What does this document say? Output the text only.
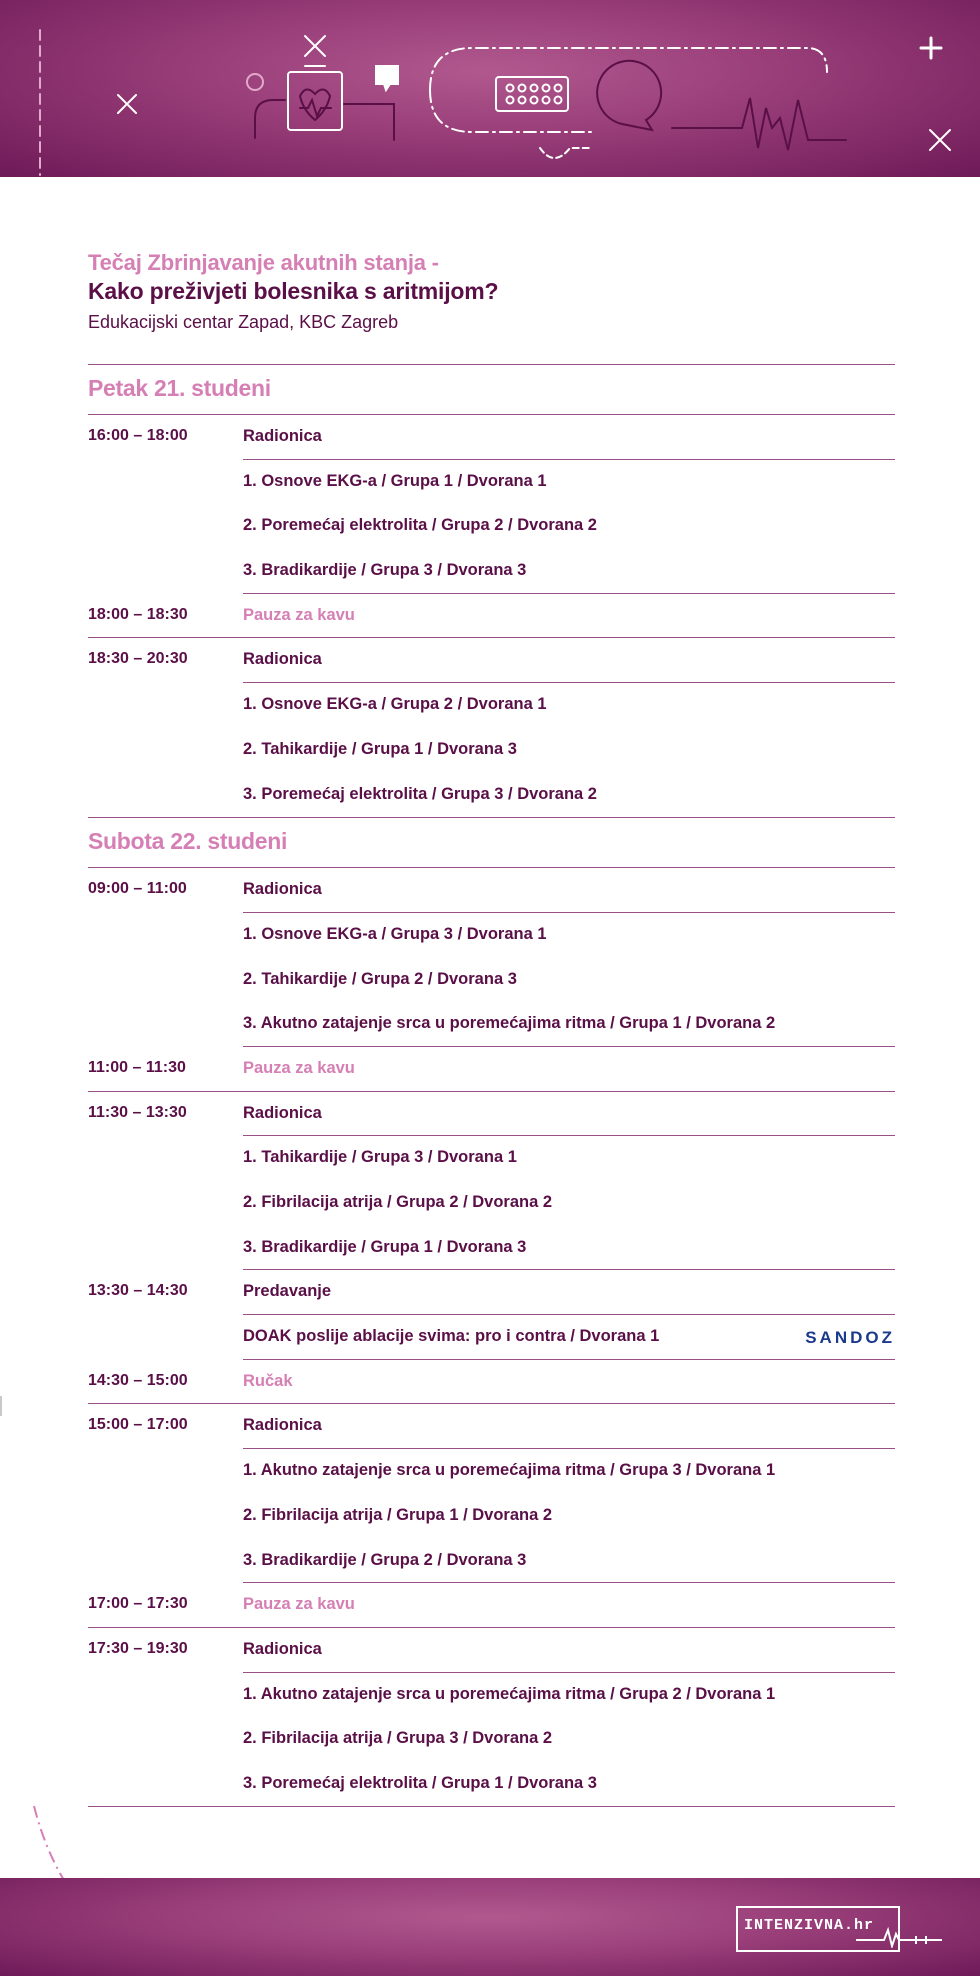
Tečaj Zbrinjavanje akutnih stanja -
Kako preživjeti bolesnika s aritmijom?
Edukacijski centar Zapad, KBC Zagreb
Petak 21. studeni
16:00 – 18:00	Radionica
1. Osnove EKG-a / Grupa 1 / Dvorana 1
2. Poremećaj elektrolita / Grupa 2 / Dvorana 2
3. Bradikardije / Grupa 3 / Dvorana 3
18:00 – 18:30	Pauza za kavu
18:30 – 20:30	Radionica
1. Osnove EKG-a / Grupa 2 / Dvorana 1
2. Tahikardije / Grupa 1 / Dvorana 3
3. Poremećaj elektrolita / Grupa 3 / Dvorana 2
Subota 22. studeni
09:00 – 11:00	Radionica
1. Osnove EKG-a / Grupa 3 / Dvorana 1
2. Tahikardije / Grupa 2 / Dvorana 3
3. Akutno zatajenje srca u poremećajima ritma / Grupa 1 / Dvorana 2
11:00 – 11:30	Pauza za kavu
11:30 – 13:30	Radionica
1. Tahikardije / Grupa 3 / Dvorana 1
2. Fibrilacija atrija / Grupa 2 / Dvorana 2
3. Bradikardije / Grupa 1 / Dvorana 3
13:30 – 14:30	Predavanje
DOAK poslije ablacije svima: pro i contra / Dvorana 1	SANDOZ
14:30 – 15:00	Ručak
15:00 – 17:00	Radionica
1. Akutno zatajenje srca u poremećajima ritma / Grupa 3 / Dvorana 1
2. Fibrilacija atrija / Grupa 1 / Dvorana 2
3. Bradikardije / Grupa 2 / Dvorana 3
17:00 – 17:30	Pauza za kavu
17:30 – 19:30	Radionica
1. Akutno zatajenje srca u poremećajima ritma / Grupa 2 / Dvorana 1
2. Fibrilacija atrija / Grupa 3 / Dvorana 2
3. Poremećaj elektrolita / Grupa 1 / Dvorana 3
INTENZIVNA.hr
